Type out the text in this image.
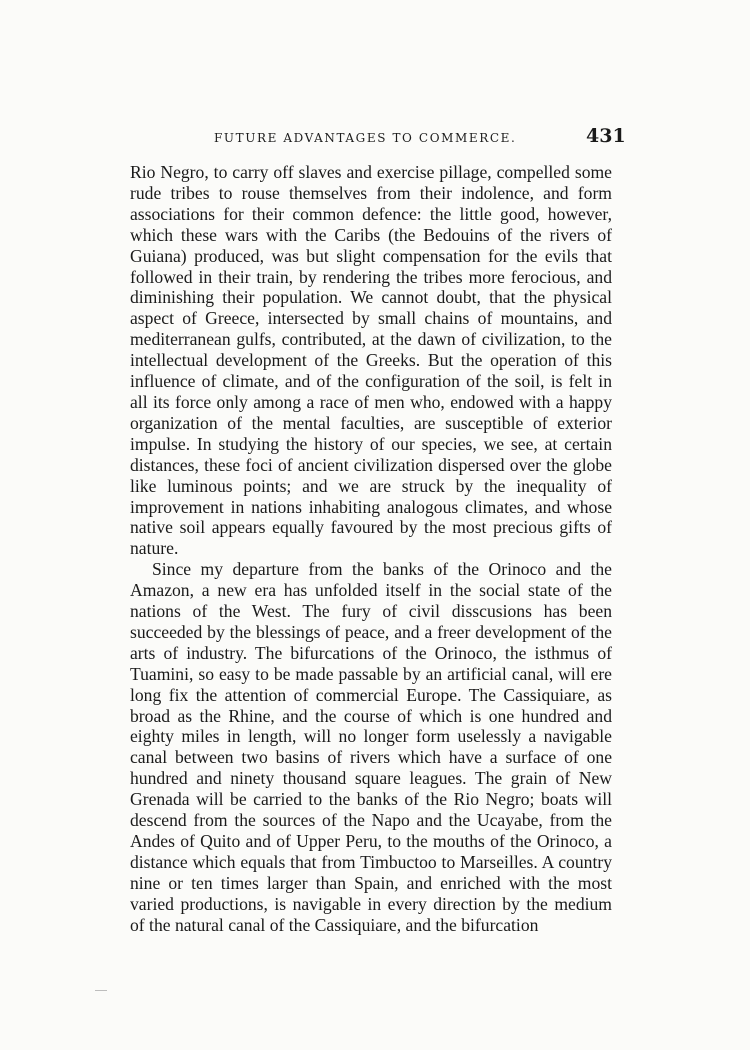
FUTURE ADVANTAGES TO COMMERCE.	431

Rio Negro, to carry off slaves and exercise pillage, compelled some rude tribes to rouse themselves from their indolence, and form associations for their common defence: the little good, however, which these wars with the Caribs (the Bedouins of the rivers of Guiana) produced, was but slight compensation for the evils that followed in their train, by rendering the tribes more ferocious, and diminishing their population. We cannot doubt, that the physical aspect of Greece, intersected by small chains of mountains, and mediterranean gulfs, contributed, at the dawn of civilization, to the intellectual development of the Greeks. But the operation of this influence of climate, and of the configuration of the soil, is felt in all its force only among a race of men who, endowed with a happy organization of the mental faculties, are susceptible of exterior impulse. In studying the history of our species, we see, at certain distances, these foci of ancient civilization dispersed over the globe like luminous points; and we are struck by the inequality of improvement in nations inhabiting analogous climates, and whose native soil appears equally favoured by the most precious gifts of nature.

Since my departure from the banks of the Orinoco and the Amazon, a new era has unfolded itself in the social state of the nations of the West. The fury of civil disscusions has been succeeded by the blessings of peace, and a freer development of the arts of industry. The bifurcations of the Orinoco, the isthmus of Tuamini, so easy to be made passable by an artificial canal, will ere long fix the attention of commercial Europe. The Cassiquiare, as broad as the Rhine, and the course of which is one hundred and eighty miles in length, will no longer form uselessly a navigable canal between two basins of rivers which have a surface of one hundred and ninety thousand square leagues. The grain of New Grenada will be carried to the banks of the Rio Negro; boats will descend from the sources of the Napo and the Ucayabe, from the Andes of Quito and of Upper Peru, to the mouths of the Orinoco, a distance which equals that from Timbuctoo to Marseilles. A country nine or ten times larger than Spain, and enriched with the most varied productions, is navigable in every direction by the medium of the natural canal of the Cassiquiare, and the bifurcation
